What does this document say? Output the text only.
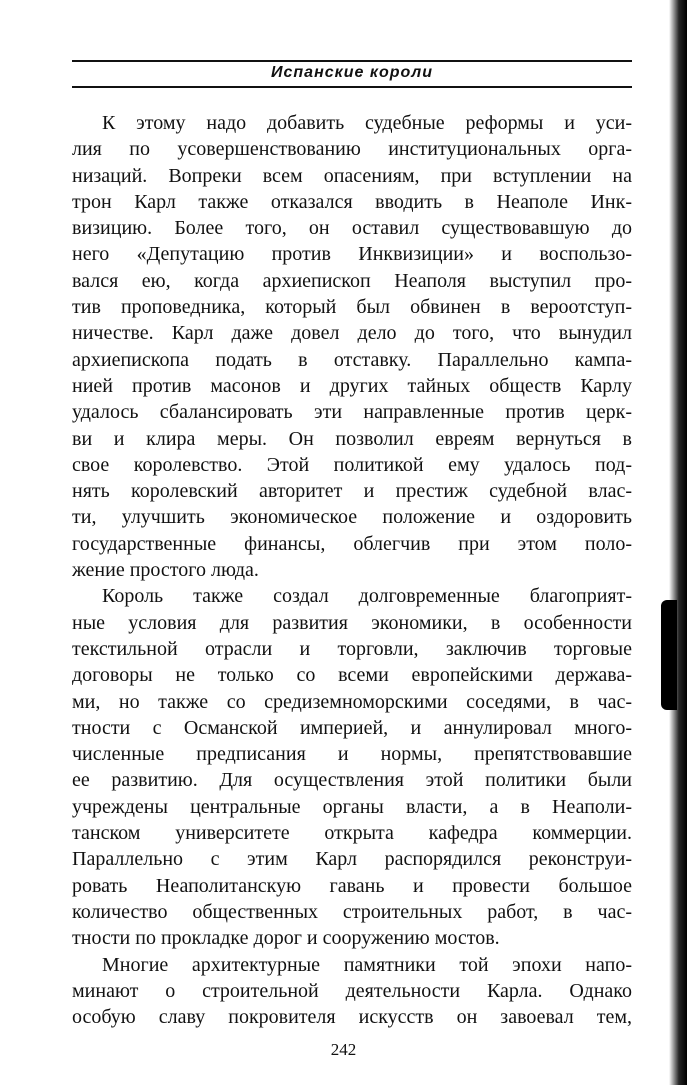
Испанские короли
К этому надо добавить судебные реформы и уси-
лия по усовершенствованию институциональных орга-
низаций. Вопреки всем опасениям, при вступлении на
трон Карл также отказался вводить в Неаполе Инк-
визицию. Более того, он оставил существовавшую до
него «Депутацию против Инквизиции» и воспользо-
вался ею, когда архиепископ Неаполя выступил про-
тив проповедника, который был обвинен в вероотступ-
ничестве. Карл даже довел дело до того, что вынудил
архиепископа подать в отставку. Параллельно кампа-
нией против масонов и других тайных обществ Карлу
удалось сбалансировать эти направленные против церк-
ви и клира меры. Он позволил евреям вернуться в
свое королевство. Этой политикой ему удалось под-
нять королевский авторитет и престиж судебной влас-
ти, улучшить экономическое положение и оздоровить
государственные финансы, облегчив при этом поло-
жение простого люда.
Король также создал долговременные благоприят-
ные условия для развития экономики, в особенности
текстильной отрасли и торговли, заключив торговые
договоры не только со всеми европейскими держава-
ми, но также со средиземноморскими соседями, в час-
тности с Османской империей, и аннулировал много-
численные предписания и нормы, препятствовавшие
ее развитию. Для осуществления этой политики были
учреждены центральные органы власти, а в Неаполи-
танском университете открыта кафедра коммерции.
Параллельно с этим Карл распорядился реконструи-
ровать Неаполитанскую гавань и провести большое
количество общественных строительных работ, в час-
тности по прокладке дорог и сооружению мостов.
Многие архитектурные памятники той эпохи напо-
минают о строительной деятельности Карла. Однако
особую славу покровителя искусств он завоевал тем,
242
